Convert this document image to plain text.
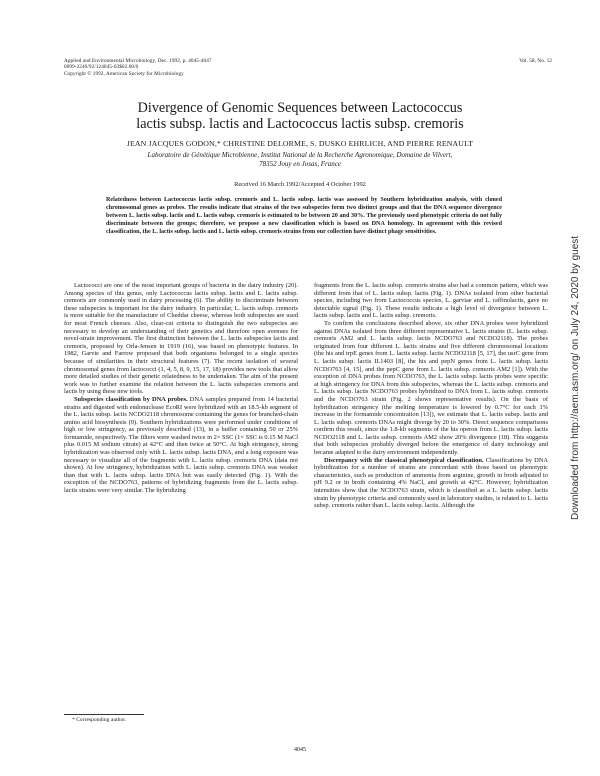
Applied and Environmental Microbiology, Dec. 1992, p. 4045-4047
0099-2240/92/124045-03$02.00/0
Copyright © 1992, American Society for Microbiology
Vol. 58, No. 12
Divergence of Genomic Sequences between Lactococcus
lactis subsp. lactis and Lactococcus lactis subsp. cremoris
JEAN JACQUES GODON,* CHRISTINE DELORME, S. DUSKO EHRLICH, AND PIERRE RENAULT
Laboratoire de Génétique Microbienne, Institut National de la Recherche Agronomique, Domaine de Vilvert,
78352 Jouy en Josas, France
Received 16 March 1992/Accepted 4 October 1992
Relatedness between Lactococcus lactis subsp. cremoris and L. lactis subsp. lactis was assessed by Southern hybridization analysis, with cloned chromosomal genes as probes. The results indicate that strains of the two subspecies form two distinct groups and that the DNA sequence divergence between L. lactis subsp. lactis and L. lactis subsp. cremoris is estimated to be between 20 and 30%. The previously used phenotypic criteria do not fully discriminate between the groups; therefore, we propose a new classification which is based on DNA homology. In agreement with this revised classification, the L. lactis subsp. lactis and L. lactis subsp. cremoris strains from our collection have distinct phage sensitivities.

Lactococci are one of the most important groups of bacteria in the dairy industry (20). Among species of this genus, only Lactococcus lactis subsp. lactis and L. lactis subsp. cremoris are commonly used in dairy processing (6). The ability to discriminate between these subspecies is important for the dairy industry. In particular, L. lactis subsp. cremoris is more suitable for the manufacture of Cheddar cheese, whereas both subspecies are used for most French cheeses. Also, clear-cut criteria to distinguish the two subspecies are necessary to develop an understanding of their genetics and therefore open avenues for novel-strain improvement. The first distinction between the L. lactis subspecies lactis and cremoris, proposed by Orla-Jensen in 1919 (16), was based on phenotypic features. In 1982, Garvie and Farrow proposed that both organisms belonged to a single species because of similarities in their structural features (7). The recent isolation of several chromosomal genes from lactococci (1, 4, 5, 8, 9, 15, 17, 18) provides new tools that allow more detailed studies of their genetic relatedness to be undertaken. The aim of the present work was to further examine the relation between the L. lactis subspecies cremoris and lactis by using these new tools.

Subspecies classification by DNA probes. DNA samples prepared from 14 bacterial strains and digested with endonuclease EcoRI were hybridized with an 18.5-kb segment of the L. lactis subsp. lactis NCDO2118 chromosome containing the genes for branched-chain amino acid biosynthesis (9). Southern hybridizations were performed under conditions of high or low stringency, as previously described (13), in a buffer containing 50 or 25% formamide, respectively. The filters were washed twice in 2× SSC (1× SSC is 0.15 M NaCl plus 0.015 M sodium citrate) at 42°C and then twice at 50°C. At high stringency, strong hybridization was observed only with L. lactis subsp. lactis DNA, and a long exposure was necessary to visualize all of the fragments with L. lactis subsp. cremoris DNA (data not shown). At low stringency, hybridization with L. lactis subsp. cremoris DNA was weaker than that with L. lactis subsp. lactis DNA but was easily detected (Fig. 1). With the exception of the NCDO763, patterns of hybridizing fragments from the L. lactis subsp. lactis strains were very similar. The hybridizing

fragments from the L. lactis subsp. cremoris strains also had a common pattern, which was different from that of L. lactis subsp. lactis (Fig. 1). DNAs isolated from other bacterial species, including two from Lactococcus species, L. garviae and L. raffinolactis, gave no detectable signal (Fig. 1). These results indicate a high level of divergence between L. lactis subsp. lactis and L. lactis subsp. cremoris.

To confirm the conclusions described above, six other DNA probes were hybridized against DNAs isolated from three different representative L. lactis strains (L. lactis subsp. cremoris AM2 and L. lactis subsp. lactis NCDO763 and NCDO2118). The probes originated from four different L. lactis strains and five different chromosomal locations (the his and trpE genes from L. lactis subsp. lactis NCDO2118 [5, 17], the usrC gene from L. lactis subsp. lactis IL1403 [8], the his and pepN genes from L. lactis subsp. lactis NCDO763 [4, 15], and the pepC gene from L. lactis subsp. cremoris AM2 [1]). With the exception of DNA probes from NCDO763, the L. lactis subsp. lactis probes were specific at high stringency for DNA from this subspecies, whereas the L. lactis subsp. cremoris and L. lactis subsp. lactis NCDO763 probes hybridized to DNA from L. lactis subsp. cremoris and the NCDO763 strain (Fig. 2 shows representative results). On the basis of hybridization stringency (the melting temperature is lowered by 0.7°C for each 1% increase in the formamide concentration [13]), we estimate that L. lactis subsp. lactis and L. lactis subsp. cremoris DNAs might diverge by 20 to 30%. Direct sequence comparisons confirm this result, since the 1.8-kb segments of the his operon from L. lactis subsp. lactis NCDO2118 and L. lactis subsp. cremoris AM2 show 20% divergence (18). This suggests that both subspecies probably diverged before the emergence of dairy technology and became adapted to the dairy environment independently.

Discrepancy with the classical phenotypical classification. Classifications by DNA hybridization for a number of strains are concordant with those based on phenotypic characteristics, such as production of ammonia from arginine, growth in broth adjusted to pH 9.2 or in broth containing 4% NaCl, and growth at 42°C. However, hybridization intensities show that the NCDO763 strain, which is classified as a L. lactis subsp. lactis strain by phenotypic criteria and commonly used in laboratory studies, is related to L. lactis subsp. cremoris rather than L. lactis subsp. lactis. Although the

* Corresponding author.
4045
Downloaded from http://aem.asm.org/ on July 24, 2020 by guest
